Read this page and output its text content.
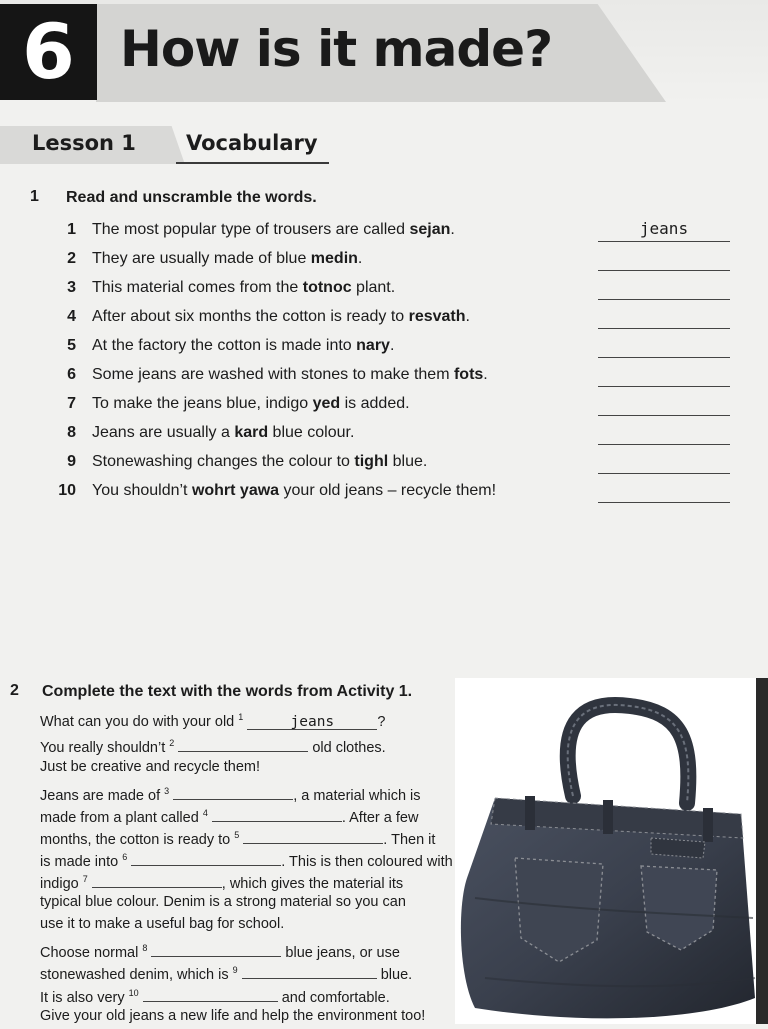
6 How is it made?
Lesson 1 Vocabulary
1 Read and unscramble the words.
1 The most popular type of trousers are called sejan.	jeans
2 They are usually made of blue medin.
3 This material comes from the totnoc plant.
4 After about six months the cotton is ready to resvath.
5 At the factory the cotton is made into nary.
6 Some jeans are washed with stones to make them fots.
7 To make the jeans blue, indigo yed is added.
8 Jeans are usually a kard blue colour.
9 Stonewashing changes the colour to tighl blue.
10 You shouldn’t wohrt yawa your old jeans – recycle them!
2 Complete the text with the words from Activity 1.
What can you do with your old $^1$	jeans	?
You really shouldn’t $^2$	old clothes.
Just be creative and recycle them!
Jeans are made of $^3$	, a material which is
made from a plant called $^4$	. After a few
months, the cotton is ready to $^5$	. Then it
is made into $^6$	. This is then coloured with
indigo $^7$	, which gives the material its
typical blue colour. Denim is a strong material so you can
use it to make a useful bag for school.
Choose normal $^8$	blue jeans, or use
stonewashed denim, which is $^9$	blue.
It is also very $^{10}$	and comfortable.
Give your old jeans a new life and help the environment too!
